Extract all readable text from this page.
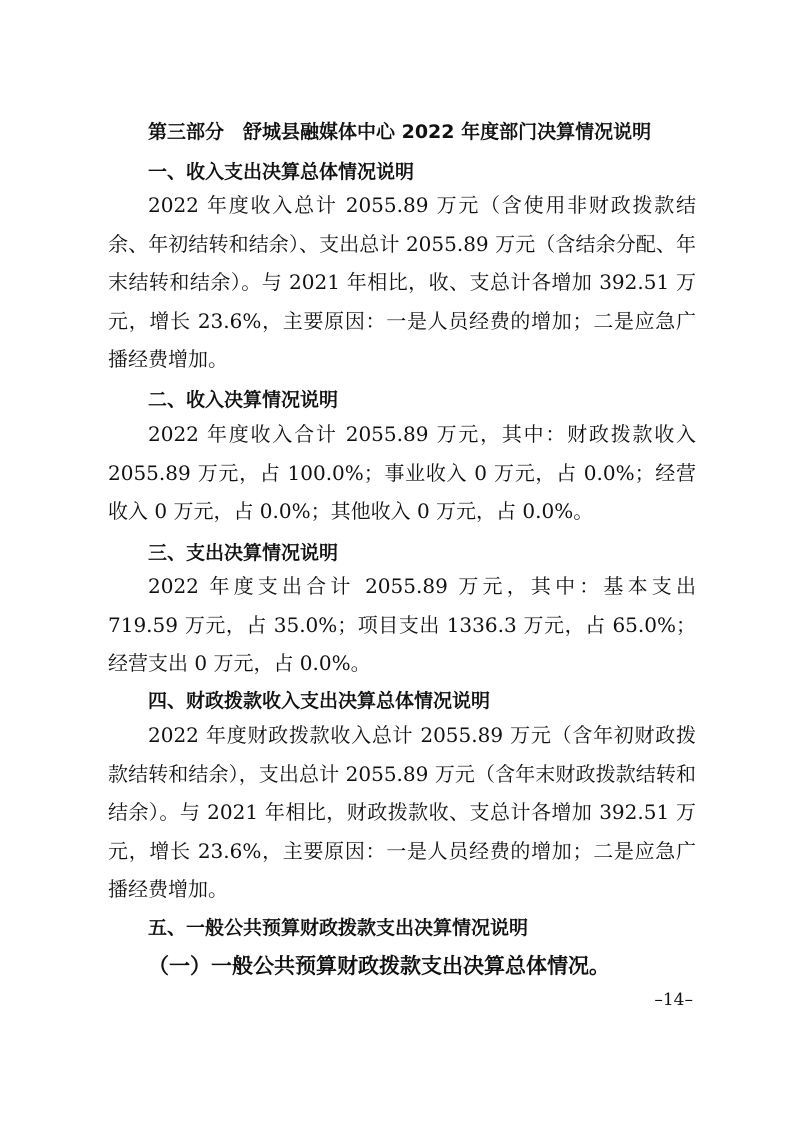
第三部分　舒城县融媒体中心 2022 年度部门决算情况说明
一、收入支出决算总体情况说明

2022 年度收入总计 2055.89 万元（含使用非财政拨款结余、年初结转和结余）、支出总计 2055.89 万元（含结余分配、年末结转和结余）。与 2021 年相比，收、支总计各增加 392.51 万元，增长 23.6%，主要原因：一是人员经费的增加；二是应急广播经费增加。

二、收入决算情况说明

2022 年度收入合计 2055.89 万元，其中：财政拨款收入 2055.89 万元，占 100.0%；事业收入 0 万元，占 0.0%；经营收入 0 万元，占 0.0%；其他收入 0 万元，占 0.0%。

三、支出决算情况说明

2022 年度支出合计 2055.89 万元，其中：基本支出 719.59 万元，占 35.0%；项目支出 1336.3 万元，占 65.0%；经营支出 0 万元，占 0.0%。

四、财政拨款收入支出决算总体情况说明

2022 年度财政拨款收入总计 2055.89 万元（含年初财政拨款结转和结余），支出总计 2055.89 万元（含年末财政拨款结转和结余）。与 2021 年相比，财政拨款收、支总计各增加 392.51 万元，增长 23.6%，主要原因：一是人员经费的增加；二是应急广播经费增加。

五、一般公共预算财政拨款支出决算情况说明
（一）一般公共预算财政拨款支出决算总体情况。
–14–
